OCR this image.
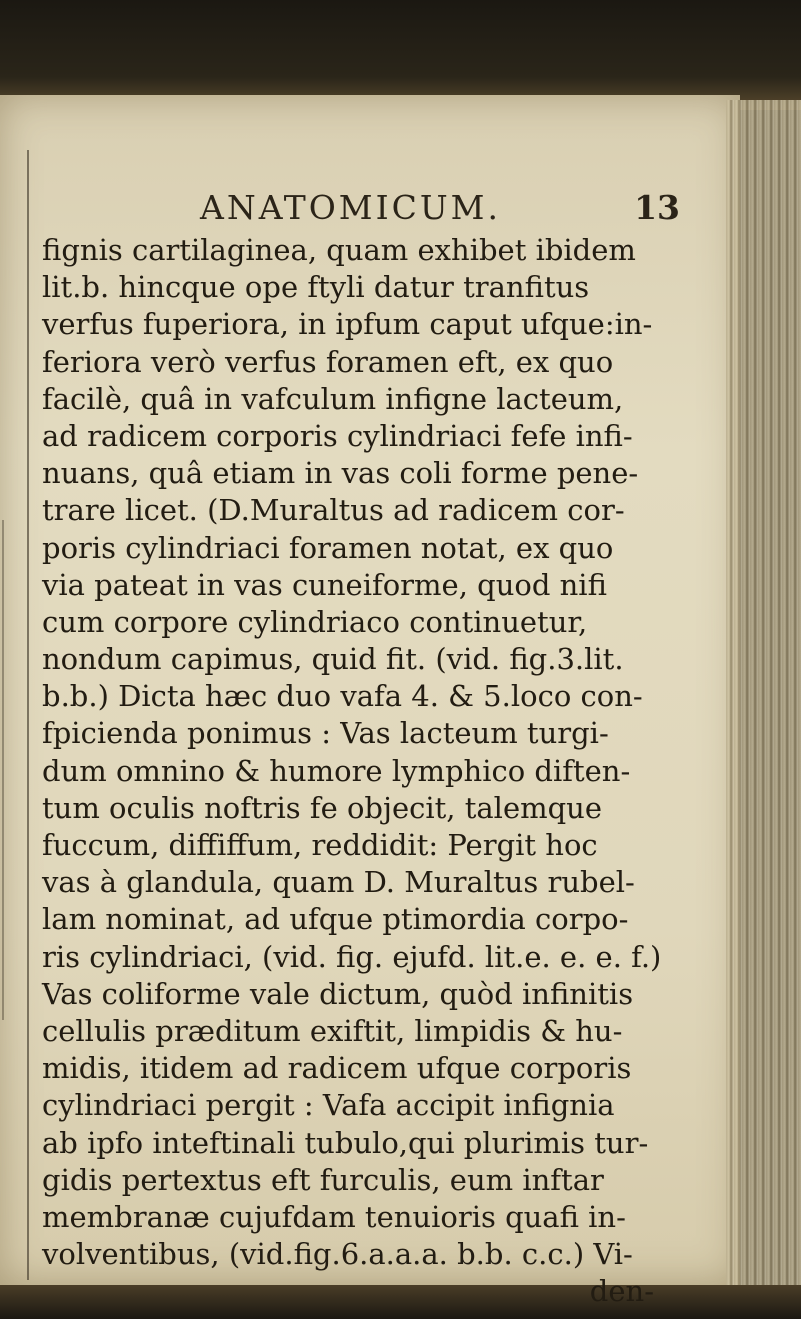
ANATOMICUM.	13
fignis cartilaginea, quam exhibet ibidem
lit.b. hincque ope ftyli datur tranfitus
verfus fuperiora, in ipfum caput ufque:in-
feriora verò verfus foramen eft, ex quo
facilè, quâ in vafculum infigne lacteum,
ad radicem corporis cylindriaci fefe infi-
nuans, quâ etiam in vas coli forme pene-
trare licet. (D.Muraltus ad radicem cor-
poris cylindriaci foramen notat, ex quo
via pateat in vas cuneiforme, quod nifi
cum corpore cylindriaco continuetur,
nondum capimus, quid fit. (vid. fig.3.lit.
b.b.) Dicta hæc duo vafa 4. & 5.loco con-
fpicienda ponimus : Vas lacteum turgi-
dum omnino & humore lymphico diften-
tum oculis noftris fe objecit, talemque
fuccum, diffiffum, reddidit: Pergit hoc
vas à glandula, quam D. Muraltus rubel-
lam nominat, ad ufque ptimordia corpo-
ris cylindriaci, (vid. fig. ejufd. lit.e. e. e. f.)
Vas coliforme vale dictum, quòd infinitis
cellulis præditum exiftit, limpidis & hu-
midis, itidem ad radicem ufque corporis
cylindriaci pergit : Vafa accipit infignia
ab ipfo inteftinali tubulo,qui plurimis tur-
gidis pertextus eft furculis, eum inftar
membranæ cujufdam tenuioris quafi in-
volventibus, (vid.fig.6.a.a.a. b.b. c.c.) Vi-
den-
